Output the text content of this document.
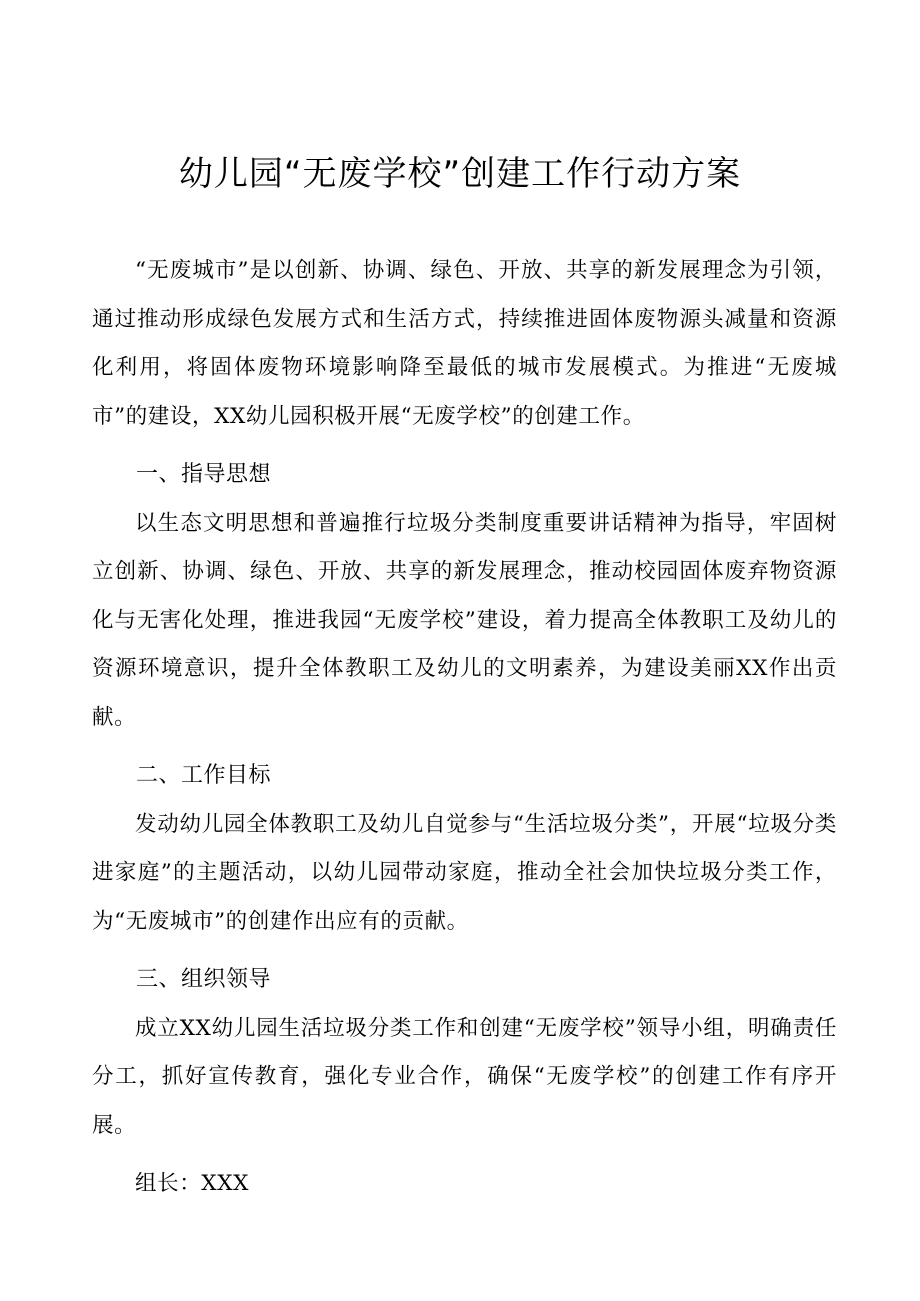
幼儿园“无废学校”创建工作行动方案

“无废城市”是以创新、协调、绿色、开放、共享的新发展理念为引领，通过推动形成绿色发展方式和生活方式，持续推进固体废物源头减量和资源化利用，将固体废物环境影响降至最低的城市发展模式。为推进“无废城市”的建设，XX幼儿园积极开展“无废学校”的创建工作。

一、指导思想

以生态文明思想和普遍推行垃圾分类制度重要讲话精神为指导，牢固树立创新、协调、绿色、开放、共享的新发展理念，推动校园固体废弃物资源化与无害化处理，推进我园“无废学校”建设，着力提高全体教职工及幼儿的资源环境意识，提升全体教职工及幼儿的文明素养，为建设美丽XX作出贡献。

二、工作目标

发动幼儿园全体教职工及幼儿自觉参与“生活垃圾分类”，开展“垃圾分类进家庭”的主题活动，以幼儿园带动家庭，推动全社会加快垃圾分类工作，为“无废城市”的创建作出应有的贡献。

三、组织领导

成立XX幼儿园生活垃圾分类工作和创建“无废学校”领导小组，明确责任分工，抓好宣传教育，强化专业合作，确保“无废学校”的创建工作有序开展。

组长：XXX
